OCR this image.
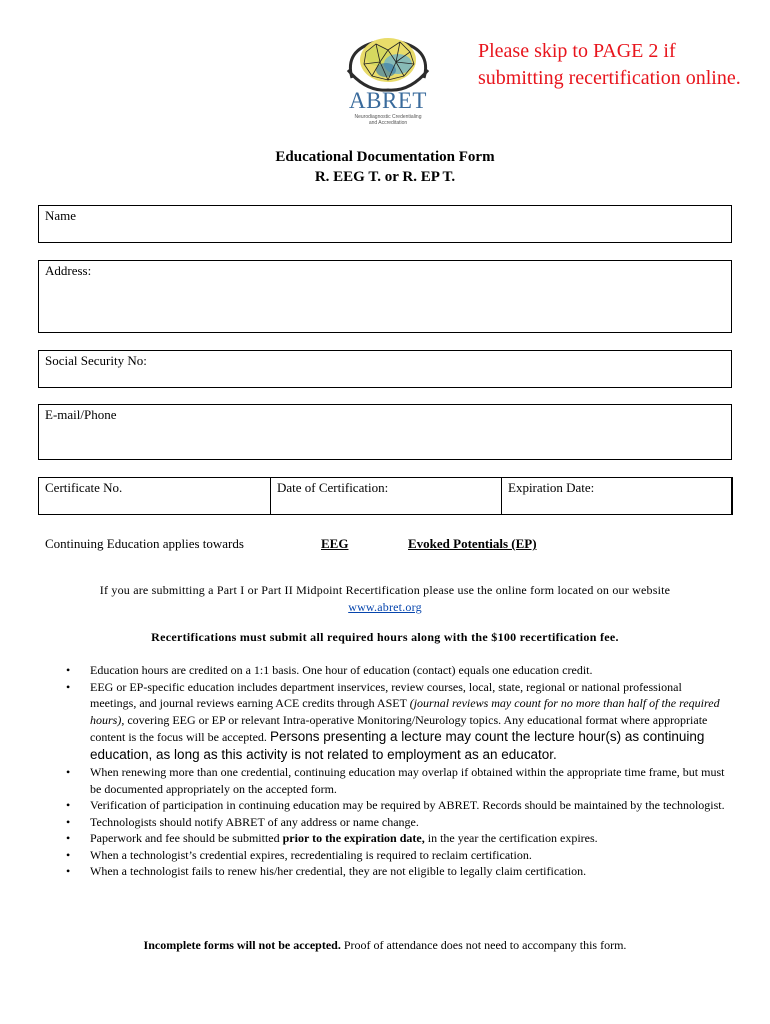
ABRET
Neurodiagnostic Credentialing
and Accreditation
Please skip to PAGE 2 if submitting recertification online.
Educational Documentation Form
R. EEG T. or R. EP T.
Name
Address:
Social Security No:
E-mail/Phone
Certificate No.	Date of Certification:	Expiration Date:
Continuing Education applies towards	EEG	Evoked Potentials (EP)
If you are submitting a Part I or Part II Midpoint Recertification please use the online form located on our website
www.abret.org
Recertifications must submit all required hours along with the $100 recertification fee.
• Education hours are credited on a 1:1 basis. One hour of education (contact) equals one education credit.
• EEG or EP-specific education includes department inservices, review courses, local, state, regional or national professional meetings, and journal reviews earning ACE credits through ASET (journal reviews may count for no more than half of the required hours), covering EEG or EP or relevant Intra-operative Monitoring/Neurology topics. Any educational format where appropriate content is the focus will be accepted. Persons presenting a lecture may count the lecture hour(s) as continuing education, as long as this activity is not related to employment as an educator.
• When renewing more than one credential, continuing education may overlap if obtained within the appropriate time frame, but must be documented appropriately on the accepted form.
• Verification of participation in continuing education may be required by ABRET. Records should be maintained by the technologist.
• Technologists should notify ABRET of any address or name change.
• Paperwork and fee should be submitted prior to the expiration date, in the year the certification expires.
• When a technologist’s credential expires, recredentialing is required to reclaim certification.
• When a technologist fails to renew his/her credential, they are not eligible to legally claim certification.
Incomplete forms will not be accepted. Proof of attendance does not need to accompany this form.
